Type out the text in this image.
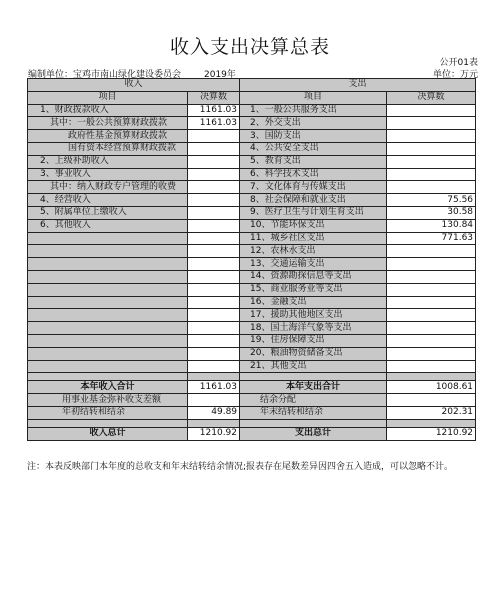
收入支出决算总表
公开01表
编制单位：宝鸡市南山绿化建设委员会	2019年	单位：万元
收入		支出	
项目	决算数	项目	决算数
1、财政拨款收入	1161.03	1、一般公共服务支出	
其中：一般公共预算财政拨款	1161.03	2、外交支出	
政府性基金预算财政拨款		3、国防支出	
国有资本经营预算财政拨款		4、公共安全支出	
2、上级补助收入		5、教育支出	
3、事业收入		6、科学技术支出	
其中：纳入财政专户管理的收费		7、文化体育与传媒支出	
4、经营收入		8、社会保障和就业支出	75.56
5、附属单位上缴收入		9、医疗卫生与计划生育支出	30.58
6、其他收入		10、节能环保支出	130.84
		11、城乡社区支出	771.63
		12、农林水支出	
		13、交通运输支出	
		14、资源勘探信息等支出	
		15、商业服务业等支出	
		16、金融支出	
		17、援助其他地区支出	
		18、国土海洋气象等支出	
		19、住房保障支出	
		20、粮油物资储备支出	
		21、其他支出	

本年收入合计	1161.03	本年支出合计	1008.61
用事业基金弥补收支差额		结余分配	
年初结转和结余	49.89	年末结转和结余	202.31

收入总计	1210.92	支出总计	1210.92
注：本表反映部门本年度的总收支和年末结转结余情况;报表存在尾数差异因四舍五入造成，可以忽略不计。
